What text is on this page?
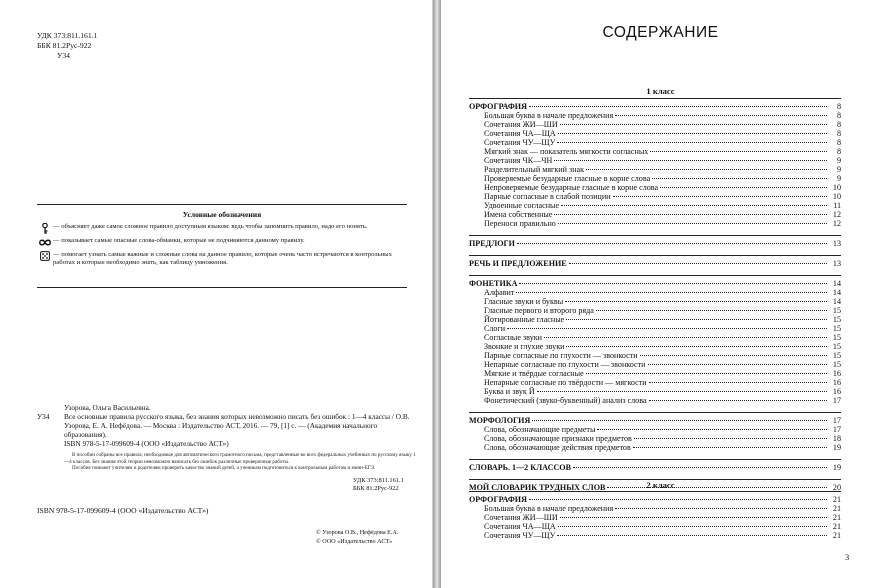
УДК 373:811.161.1
ББК 81.2Рус-922
У34
Условные обозначения
— объясняет даже самое сложное правило доступным языком: ведь чтобы запомнить правило, надо его понять.
— показывает самые опасные слова-обманки, которые не подчиняются данному правилу.
— помогает узнать самые важные и сложные слова на данное правило, которые очень часто встречаются в контрольных работах и которые необходимо знать, как таблицу умножения.
Узорова, Ольга Васильевна.
У34	Все основные правила русского языка, без знания которых невозможно писать без ошибок : 1—4 классы / О.В. Узорова, Е. А. Нефёдова. — Москва : Издательство АСТ, 2016. — 79, [1] с. — (Академия начального образования).
ISBN 978-5-17-099609-4 (ООО «Издательство АСТ»)

В пособии собраны все правила, необходимые для автоматического грамотного письма, представленные во всех федеральных учебниках по русскому языку 1—4 классов. Без знания этой теории невозможно написать без ошибок различные проверочные работы.

Пособие поможет учителям и родителям проверить качество знаний детей, а ученикам подготовиться к контрольным работам и мини-ЕГЭ.

УДК 373:811.161.1
ББК 81.2Рус-922
ISBN 978-5-17-099609-4 (ООО «Издательство АСТ»)
© Узорова О.В., Нефёдова Е.А.
© ООО «Издательство АСТ»
СОДЕРЖАНИЕ
1 класс
ОРФОГРАФИЯ	8
Большая буква в начале предложения	8
Сочетания ЖИ—ШИ	8
Сочетания ЧА—ЩА	8
Сочетания ЧУ—ЩУ	8
Мягкий знак — показатель мягкости согласных	8
Сочетания ЧК—ЧН	9
Разделительный мягкий знак	9
Проверяемые безударные гласные в корне слова	9
Непроверяемые безударные гласные в корне слова	10
Парные согласные в слабой позиции	10
Удвоенные согласные	11
Имена собственные	12
Переноси правильно	12
ПРЕДЛОГИ	13
РЕЧЬ И ПРЕДЛОЖЕНИЕ	13
ФОНЕТИКА	14
Алфавит	14
Гласные звуки и буквы	14
Гласные первого и второго ряда	15
Йотированные гласные	15
Слоги	15
Согласные звуки	15
Звонкие и глухие звуки	15
Парные согласные по глухости — звонкости	15
Непарные согласные по глухости — звонкости	15
Мягкие и твёрдые согласные	16
Непарные согласные по твёрдости — мягкости	16
Буква и звук Й	16
Фонетический (звуко-буквенный) анализ слова	17
МОРФОЛОГИЯ	17
Слова, обозначающие предметы	17
Слова, обозначающие признаки предметов	18
Слова, обозначающие действия предметов	19
СЛОВАРЬ. 1—2 КЛАССОВ	19
МОЙ СЛОВАРИК ТРУДНЫХ СЛОВ	20
2 класс
ОРФОГРАФИЯ	21
Большая буква в начале предложения	21
Сочетания ЖИ—ШИ	21
Сочетания ЧА—ЩА	21
Сочетания ЧУ—ЩУ	21
3
